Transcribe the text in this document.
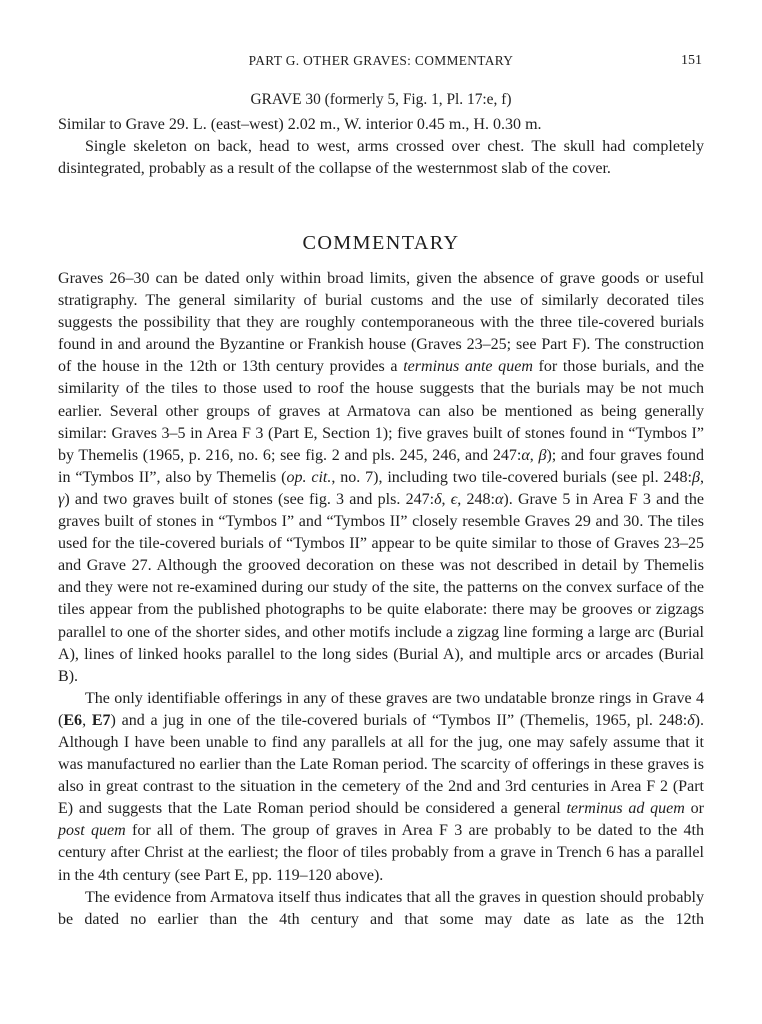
PART G. OTHER GRAVES: COMMENTARY	151
GRAVE 30 (formerly 5, Fig. 1, Pl. 17:e, f)

Similar to Grave 29. L. (east–west) 2.02 m., W. interior 0.45 m., H. 0.30 m.

Single skeleton on back, head to west, arms crossed over chest. The skull had completely disintegrated, probably as a result of the collapse of the westernmost slab of the cover.

COMMENTARY

Graves 26–30 can be dated only within broad limits, given the absence of grave goods or useful stratigraphy. The general similarity of burial customs and the use of similarly decorated tiles suggests the possibility that they are roughly contemporaneous with the three tile-covered burials found in and around the Byzantine or Frankish house (Graves 23–25; see Part F). The construction of the house in the 12th or 13th century provides a terminus ante quem for those burials, and the similarity of the tiles to those used to roof the house suggests that the burials may be not much earlier. Several other groups of graves at Armatova can also be mentioned as being generally similar: Graves 3–5 in Area F 3 (Part E, Section 1); five graves built of stones found in “Tymbos I” by Themelis (1965, p. 216, no. 6; see fig. 2 and pls. 245, 246, and 247:α, β); and four graves found in “Tymbos II”, also by Themelis (op. cit., no. 7), including two tile-covered burials (see pl. 248:β, γ) and two graves built of stones (see fig. 3 and pls. 247:δ, ϵ, 248:α). Grave 5 in Area F 3 and the graves built of stones in “Tymbos I” and “Tymbos II” closely resemble Graves 29 and 30. The tiles used for the tile-covered burials of “Tymbos II” appear to be quite similar to those of Graves 23–25 and Grave 27. Although the grooved decoration on these was not described in detail by Themelis and they were not re-examined during our study of the site, the patterns on the convex surface of the tiles appear from the published photographs to be quite elaborate: there may be grooves or zigzags parallel to one of the shorter sides, and other motifs include a zigzag line forming a large arc (Burial A), lines of linked hooks parallel to the long sides (Burial A), and multiple arcs or arcades (Burial B).

The only identifiable offerings in any of these graves are two undatable bronze rings in Grave 4 (E6, E7) and a jug in one of the tile-covered burials of “Tymbos II” (Themelis, 1965, pl. 248:δ). Although I have been unable to find any parallels at all for the jug, one may safely assume that it was manufactured no earlier than the Late Roman period. The scarcity of offerings in these graves is also in great contrast to the situation in the cemetery of the 2nd and 3rd centuries in Area F 2 (Part E) and suggests that the Late Roman period should be considered a general terminus ad quem or post quem for all of them. The group of graves in Area F 3 are probably to be dated to the 4th century after Christ at the earliest; the floor of tiles probably from a grave in Trench 6 has a parallel in the 4th century (see Part E, pp. 119–120 above).

The evidence from Armatova itself thus indicates that all the graves in question should probably be dated no earlier than the 4th century and that some may date as late as the 12th
